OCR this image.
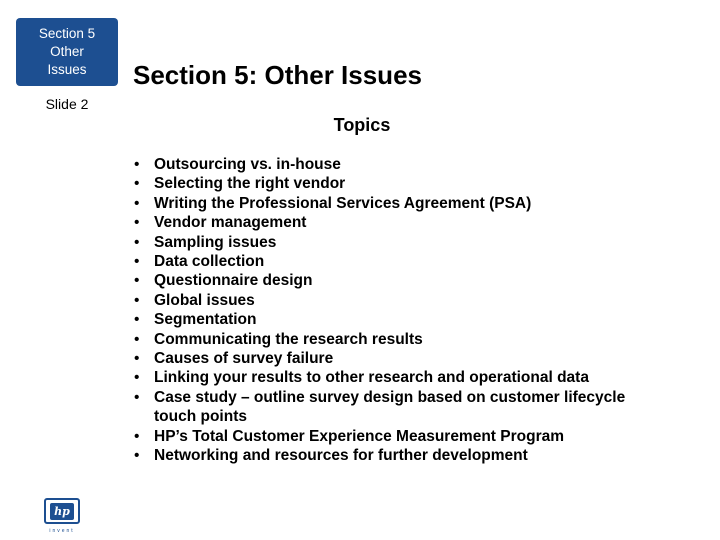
Section 5
Other
Issues
Slide 2
Section 5: Other Issues
Topics
• Outsourcing vs. in-house
• Selecting the right vendor
• Writing the Professional Services Agreement (PSA)
• Vendor management
• Sampling issues
• Data collection
• Questionnaire design
• Global issues
• Segmentation
• Communicating the research results
• Causes of survey failure
• Linking your results to other research and operational data
• Case study – outline survey design based on customer lifecycle touch points
• HP’s Total Customer Experience Measurement Program
• Networking and resources for further development
hp
invent
